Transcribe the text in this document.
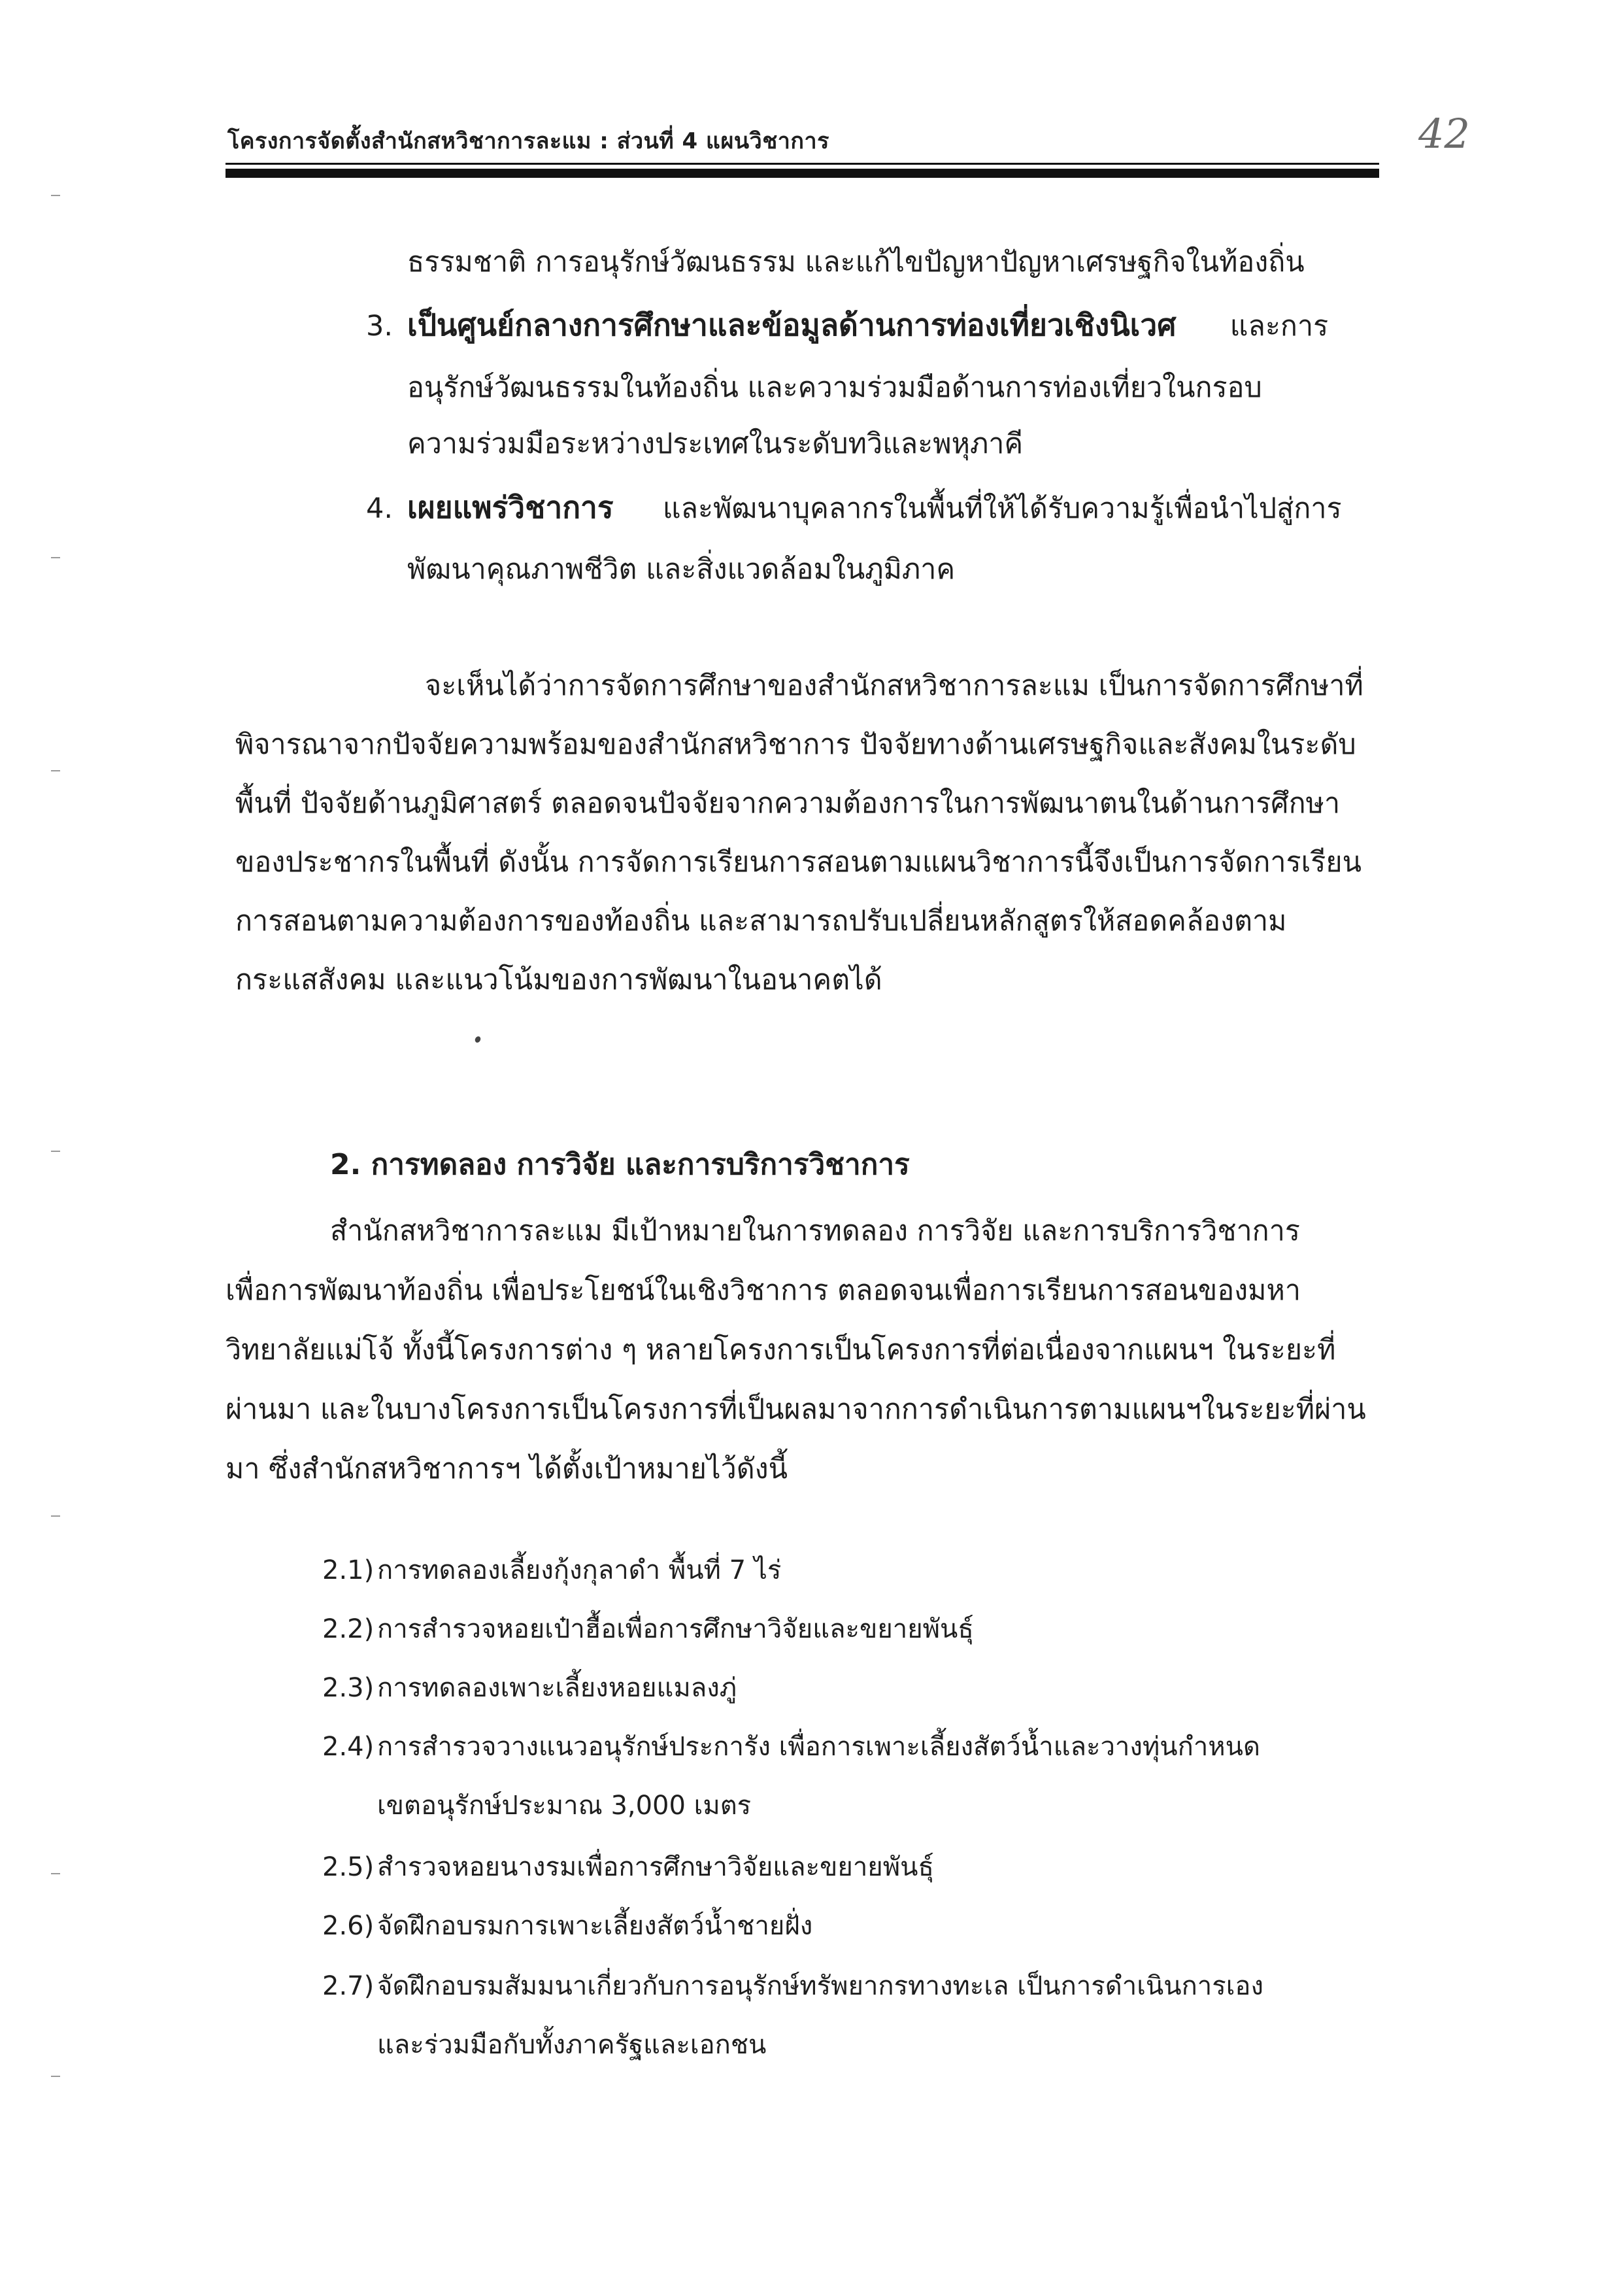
โครงการจัดตั้งสำนักสหวิชาการละแม : ส่วนที่ 4 แผนวิชาการ	42
ธรรมชาติ การอนุรักษ์วัฒนธรรม และแก้ไขปัญหาปัญหาเศรษฐกิจในท้องถิ่น
3. เป็นศูนย์กลางการศึกษาและข้อมูลด้านการท่องเที่ยวเชิงนิเวศ และการ
อนุรักษ์วัฒนธรรมในท้องถิ่น และความร่วมมือด้านการท่องเที่ยวในกรอบ
ความร่วมมือระหว่างประเทศในระดับทวิและพหุภาคี
4. เผยแพร่วิชาการ และพัฒนาบุคลากรในพื้นที่ให้ได้รับความรู้เพื่อนำไปสู่การ
พัฒนาคุณภาพชีวิต และสิ่งแวดล้อมในภูมิภาค
จะเห็นได้ว่าการจัดการศึกษาของสำนักสหวิชาการละแม เป็นการจัดการศึกษาที่
พิจารณาจากปัจจัยความพร้อมของสำนักสหวิชาการ ปัจจัยทางด้านเศรษฐกิจและสังคมในระดับ
พื้นที่ ปัจจัยด้านภูมิศาสตร์ ตลอดจนปัจจัยจากความต้องการในการพัฒนาตนในด้านการศึกษา
ของประชากรในพื้นที่ ดังนั้น การจัดการเรียนการสอนตามแผนวิชาการนี้จึงเป็นการจัดการเรียน
การสอนตามความต้องการของท้องถิ่น และสามารถปรับเปลี่ยนหลักสูตรให้สอดคล้องตาม
กระแสสังคม และแนวโน้มของการพัฒนาในอนาคตได้
2. การทดลอง การวิจัย และการบริการวิชาการ
สำนักสหวิชาการละแม มีเป้าหมายในการทดลอง การวิจัย และการบริการวิชาการ
เพื่อการพัฒนาท้องถิ่น เพื่อประโยชน์ในเชิงวิชาการ ตลอดจนเพื่อการเรียนการสอนของมหา
วิทยาลัยแม่โจ้ ทั้งนี้โครงการต่าง ๆ หลายโครงการเป็นโครงการที่ต่อเนื่องจากแผนฯ ในระยะที่
ผ่านมา และในบางโครงการเป็นโครงการที่เป็นผลมาจากการดำเนินการตามแผนฯในระยะที่ผ่าน
มา ซึ่งสำนักสหวิชาการฯ ได้ตั้งเป้าหมายไว้ดังนี้
2.1) การทดลองเลี้ยงกุ้งกุลาดำ พื้นที่ 7 ไร่
2.2) การสำรวจหอยเป๋าฮื้อเพื่อการศึกษาวิจัยและขยายพันธุ์
2.3) การทดลองเพาะเลี้ยงหอยแมลงภู่
2.4) การสำรวจวางแนวอนุรักษ์ประการัง เพื่อการเพาะเลี้ยงสัตว์น้ำและวางทุ่นกำหนด
เขตอนุรักษ์ประมาณ 3,000 เมตร
2.5) สำรวจหอยนางรมเพื่อการศึกษาวิจัยและขยายพันธุ์
2.6) จัดฝึกอบรมการเพาะเลี้ยงสัตว์น้ำชายฝั่ง
2.7) จัดฝึกอบรมสัมมนาเกี่ยวกับการอนุรักษ์ทรัพยากรทางทะเล เป็นการดำเนินการเอง
และร่วมมือกับทั้งภาครัฐและเอกชน
